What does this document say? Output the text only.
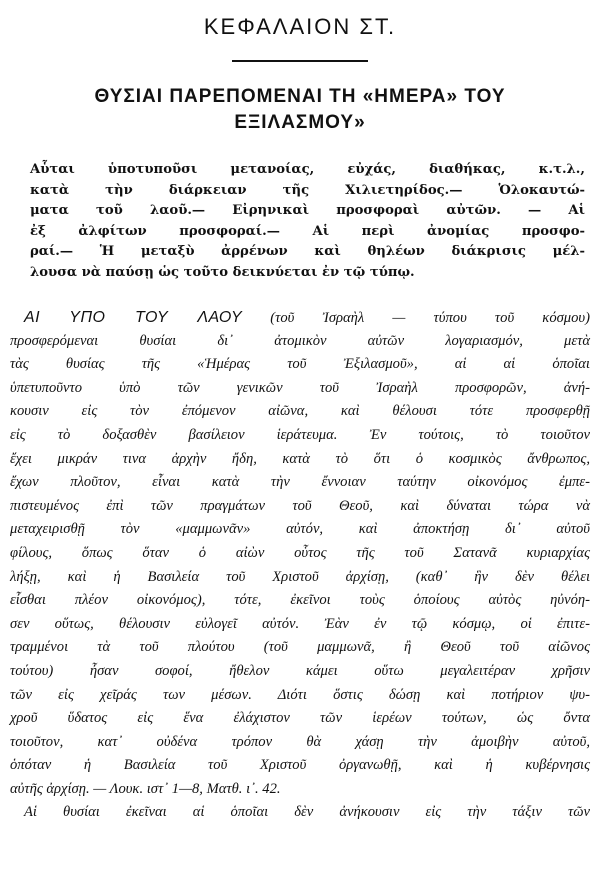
ΚΕΦΑΛΑΙΟΝ ΣΤ.
ΘΥΣΙΑΙ ΠΑΡΕΠΟΜΕΝΑΙ ΤΗ «ΗΜΕΡΑ» ΤΟΥ
ΕΞΙΛΑΣΜΟΥ»
Αὗται ὑποτυποῦσι μετανοίας, εὐχάς, διαθήκας, κ.τ.λ.,
κατὰ τὴν διάρκειαν τῆς Χιλιετηρίδος.— Ὁλοκαυτώ-
ματα τοῦ λαοῦ.— Εἰρηνικαὶ προσφοραὶ αὐτῶν. — Αἱ
ἐξ ἀλφίτων προσφοραί.— Αἱ περὶ ἀνομίας προσφο-
ραί.— Ἡ μεταξὺ ἀρρένων καὶ θηλέων διάκρισις μέλ-
λουσα νὰ παύσῃ ὡς τοῦτο δεικνύεται ἐν τῷ τύπῳ.
ΑΙ ΥΠΟ ΤΟΥ ΛΑΟΥ (τοῦ Ἰσραὴλ — τύπου τοῦ κόσμου)
προσφερόμεναι θυσίαι δι᾽ ἀτομικὸν αὐτῶν λογαριασμόν, μετὰ
τὰς θυσίας τῆς «Ἡμέρας τοῦ Ἐξιλασμοῦ», αἱ αἱ ὁποῖαι
ὑπετυποῦντο ὑπὸ τῶν γενικῶν τοῦ Ἰσραὴλ προσφορῶν, ἀνή-
κουσιν εἰς τὸν ἐπόμενον αἰῶνα, καὶ θέλουσι τότε προσφερθῇ
εἰς τὸ δοξασθὲν βασίλειον ἱεράτευμα. Ἐν τούτοις, τὸ τοιοῦτον
ἔχει μικράν τινα ἀρχὴν ἤδη, κατὰ τὸ ὅτι ὁ κοσμικὸς ἄνθρωπος,
ἔχων πλοῦτον, εἶναι κατὰ τὴν ἔννοιαν ταύτην οἰκονόμος ἐμπε-
πιστευμένος ἐπὶ τῶν πραγμάτων τοῦ Θεοῦ, καὶ δύναται τώρα νὰ
μεταχειρισθῇ τὸν «μαμμωνᾶν» αὐτόν, καὶ ἀποκτήσῃ δι᾽ αὐτοῦ
φίλους, ὅπως ὅταν ὁ αἰὼν οὗτος τῆς τοῦ Σατανᾶ κυριαρχίας
λήξῃ, καὶ ἡ Βασιλεία τοῦ Χριστοῦ ἀρχίσῃ, (καθ᾽ ἣν δὲν θέλει
εἶσθαι πλέον οἰκονόμος), τότε, ἐκεῖνοι τοὺς ὁποίους αὐτὸς ηὐνόη-
σεν οὕτως, θέλουσιν εὐλογεῖ αὐτόν. Ἐὰν ἐν τῷ κόσμῳ, οἱ ἐπιτε-
τραμμένοι τὰ τοῦ πλούτου (τοῦ μαμμωνᾶ, ἢ Θεοῦ τοῦ αἰῶνος
τούτου) ἦσαν σοφοί, ἤθελον κάμει οὕτω μεγαλειτέραν χρῆσιν
τῶν εἰς χεῖράς των μέσων. Διότι ὅστις δώσῃ καὶ ποτήριον ψυ-
χροῦ ὕδατος εἰς ἕνα ἐλάχιστον τῶν ἱερέων τούτων, ὡς ὄντα
τοιοῦτον, κατ᾽ οὐδένα τρόπον θὰ χάσῃ τὴν ἀμοιβὴν αὐτοῦ,
ὁπόταν ἡ Βασιλεία τοῦ Χριστοῦ ὀργανωθῇ, καὶ ἡ κυβέρνησις
αὐτῆς ἀρχίσῃ. — Λουκ. ιστ᾽ 1—8, Ματθ. ι᾽. 42.
Αἱ θυσίαι ἐκεῖναι αἱ ὁποῖαι δὲν ἀνήκουσιν εἰς τὴν τάξιν τῶν
